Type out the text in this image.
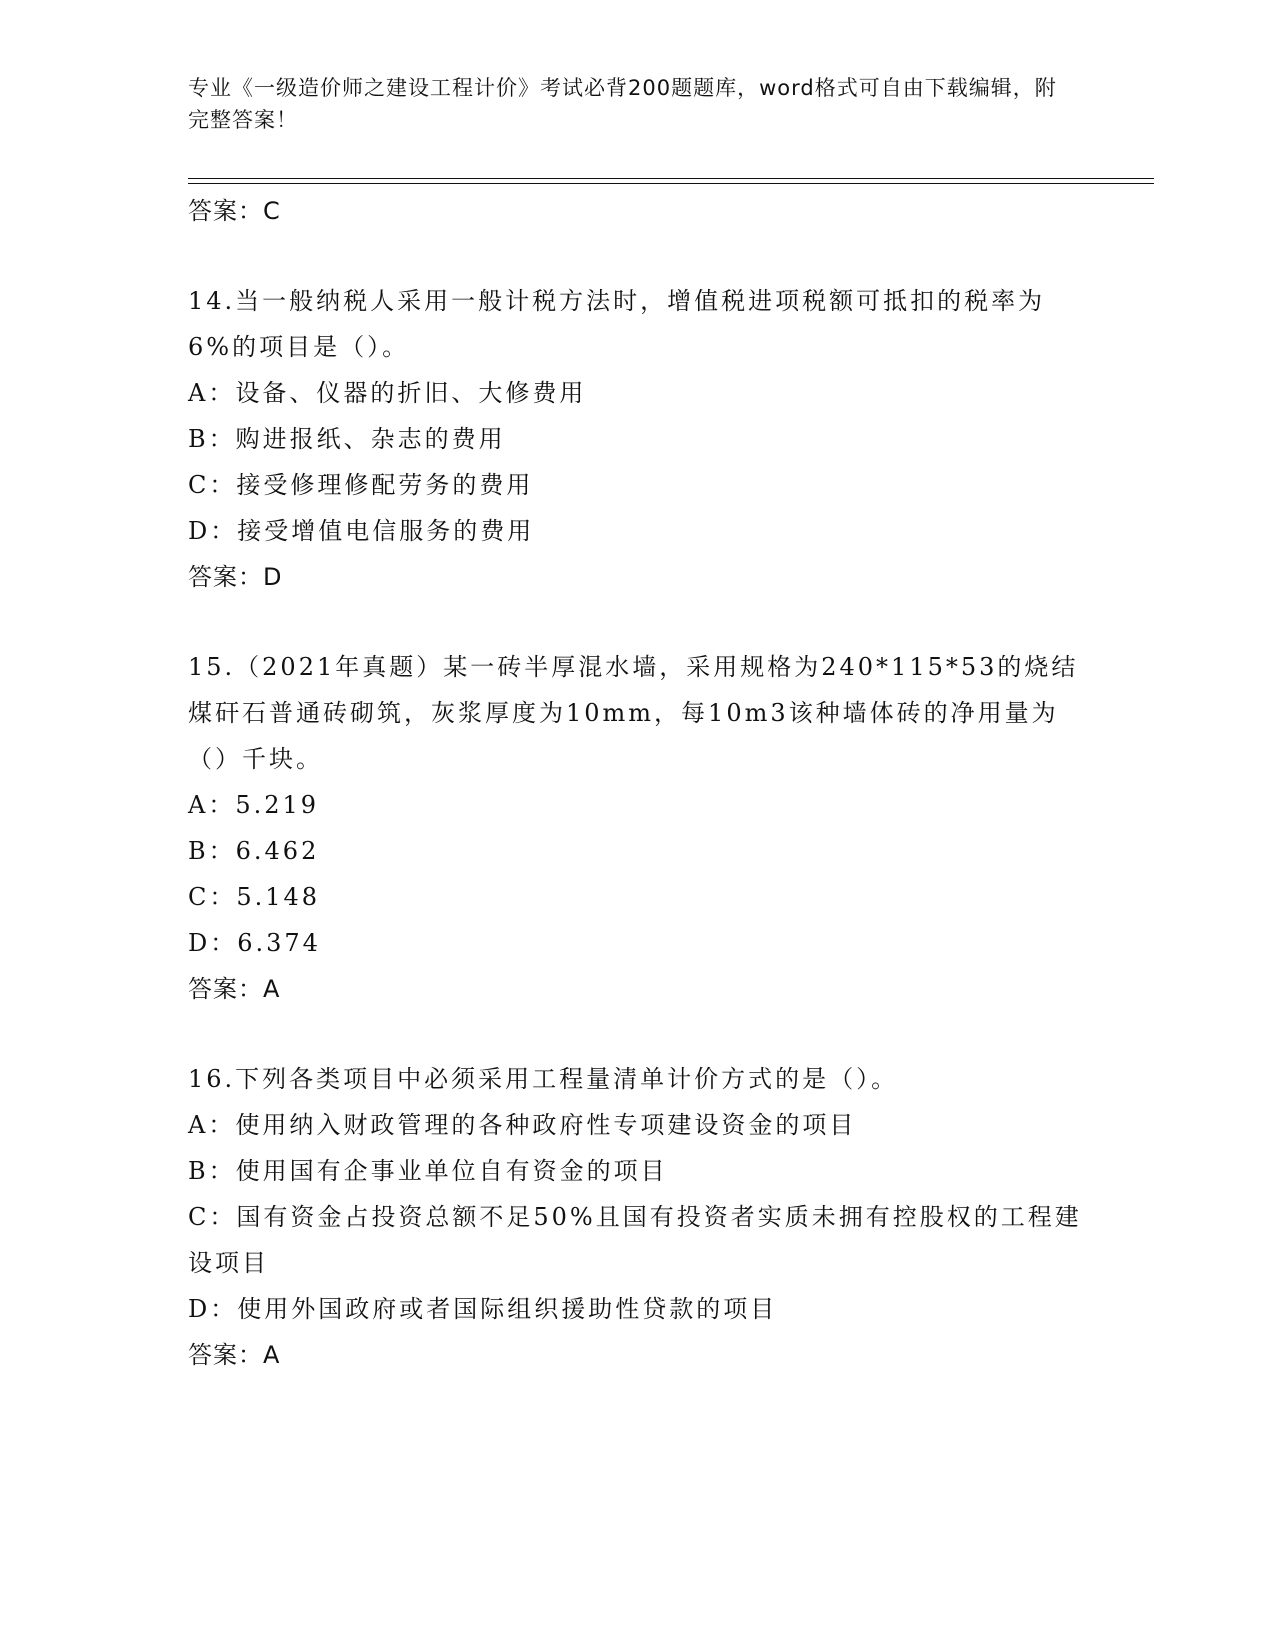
专业《一级造价师之建设工程计价》考试必背200题题库，word格式可自由下载编辑，附完整答案！

答案：C

14.当一般纳税人采用一般计税方法时，增值税进项税额可抵扣的税率为6%的项目是（）。

A：设备、仪器的折旧、大修费用

B：购进报纸、杂志的费用

C：接受修理修配劳务的费用

D：接受增值电信服务的费用

答案：D

15.（2021年真题）某一砖半厚混水墙，采用规格为240*115*53的烧结煤矸石普通砖砌筑，灰浆厚度为10mm，每10m3该种墙体砖的净用量为（）千块。

A：5.219

B：6.462

C：5.148

D：6.374

答案：A

16.下列各类项目中必须采用工程量清单计价方式的是（）。

A：使用纳入财政管理的各种政府性专项建设资金的项目

B：使用国有企事业单位自有资金的项目

C：国有资金占投资总额不足50%且国有投资者实质未拥有控股权的工程建设项目

D：使用外国政府或者国际组织援助性贷款的项目

答案：A
